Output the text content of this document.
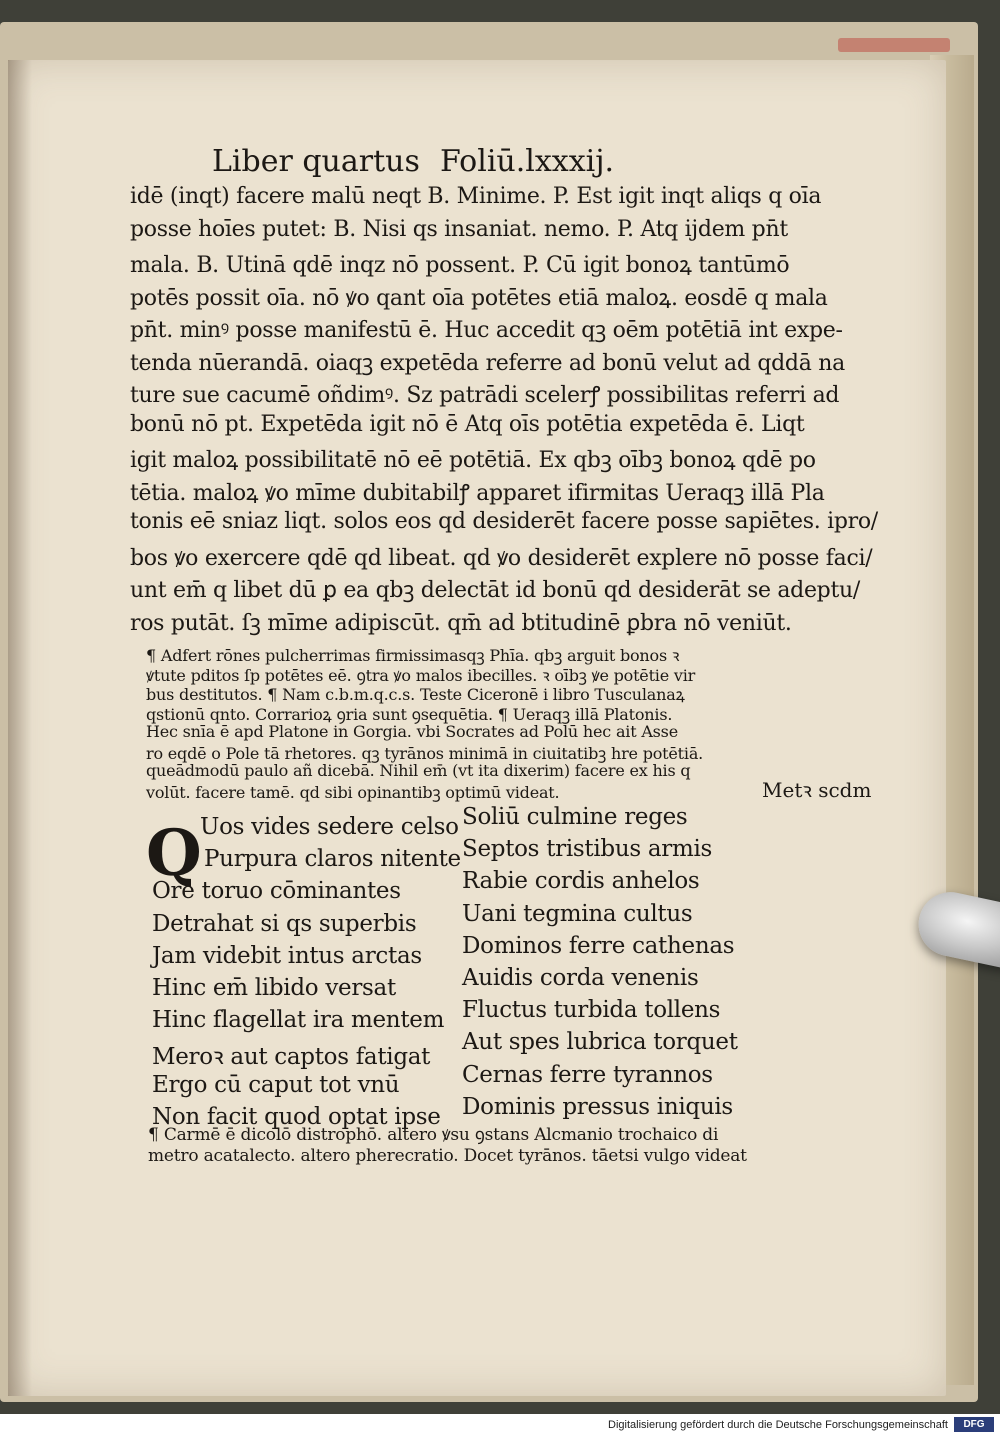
Liber quartus Foliū.lxxxij.
idē (inqt) facere malū neqt B. Minime. P. Est igit inqt aliqs q oīa
posse hoīes putet: B. Nisi qs insaniat. nemo. P. Atq ijdem pn̄t
mala. B. Utinā qdē inqz nō possent. P. Cū igit bonoꝝ tantūmō
potēs possit oīa. nō ꝟo qant oīa potētes etiā maloꝝ. eosdē q mala
pn̄t. minꝰ posse manifestū ē. Huc accedit qꝫ oēm potētiā int expe-
tenda nūerandā. oiaqꝫ expetēda referre ad bonū velut ad qddā na
ture sue cacumē oñdimꝰ. Sz patrādi scelerꝭ possibilitas referri ad
bonū nō pt. Expetēda igit nō ē Atq oīs potētia expetēda ē. Liqt
igit maloꝝ possibilitatē nō eē potētiā. Ex qbꝫ oībꝫ bonoꝝ qdē po
tētia. maloꝝ ꝟo mīme dubitabilꝭ apparet ifirmitas Ueraqꝫ illā Pla
tonis eē sniaz liqt. solos eos qd desiderēt facere posse sapiētes. ipro/
bos ꝟo exercere qdē qd libeat. qd ꝟo desiderēt explere nō posse faci/
unt em̄ q libet dū ꝑ ea qbꝫ delectāt id bonū qd desiderāt se adeptu/
ros putāt. ſꝫ mīme adipiscūt. qm̄ ad btitudinē ꝑbra nō veniūt.
¶ Adfert rōnes pulcherrimas firmissimasqꝫ Phīa. qbꝫ arguit bonos ꝛ
ꝟtute pditos ſp potētes eē. ꝯtra ꝟo malos ibecilles. ꝛ oībꝫ ꝟe potētie vir
bus destitutos. ¶ Nam c.b.m.q.c.s. Teste Ciceronē i libro Tusculanaꝝ
qstionū qnto. Corrarioꝝ ꝯria sunt ꝯsequētia. ¶ Ueraqꝫ illā Platonis.
Hec snīa ē apd Platone in Gorgia. vbi Socrates ad Polū hec ait Asse
ro eqdē o Pole tā rhetores. qꝫ tyrānos minimā in ciuitatibꝫ hre potētiā.
queādmodū paulo añ dicebā. Nihil em̄ (vt ita dixerim) facere ex his q
volūt. facere tamē. qd sibi opinantibꝫ optimū videat.	Metꝛ scdm
Q
Uos vides sedere celso
Purpura claros nitente
Ore toruo cōminantes
Detrahat si qs superbis
Jam videbit intus arctas
Hinc em̄ libido versat
Hinc flagellat ira mentem
Meroꝛ aut captos fatigat
Ergo cū caput tot vnū
Non facit quod optat ipse
Soliū culmine reges
Septos tristibus armis
Rabie cordis anhelos
Uani tegmina cultus
Dominos ferre cathenas
Auidis corda venenis
Fluctus turbida tollens
Aut spes lubrica torquet
Cernas ferre tyrannos
Dominis pressus iniquis
¶ Carmē ē dicolō distrophō. altero ꝟsu ꝯstans Alcmanio trochaico di
metro acatalecto. altero pherecratio. Docet tyrānos. tāetsi vulgo videat
Digitalisierung gefördert durch die Deutsche Forschungsgemeinschaft	DFG
